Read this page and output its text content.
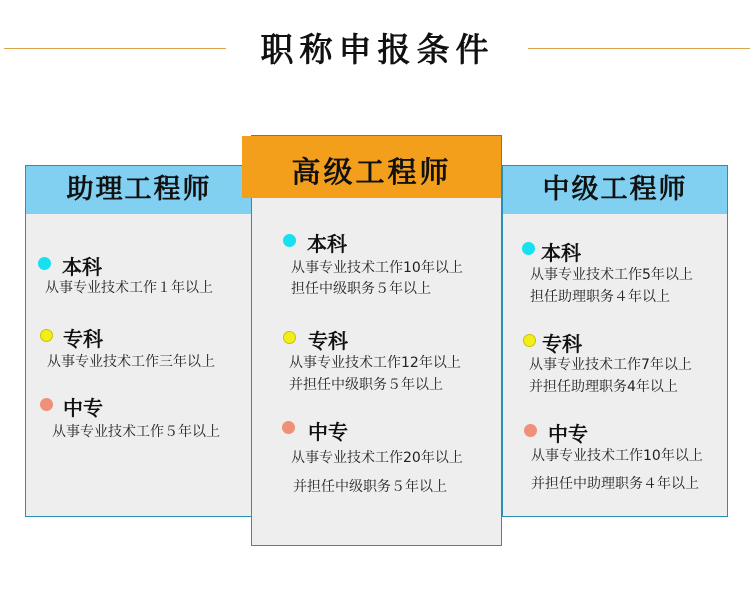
职称申报条件
助理工程师
本科
从事专业技术工作１年以上
专科
从事专业技术工作三年以上
中专
从事专业技术工作５年以上
中级工程师
本科
从事专业技术工作5年以上
担任助理职务４年以上
专科
从事专业技术工作7年以上
并担任助理职务4年以上
中专
从事专业技术工作10年以上
并担任中助理职务４年以上
高级工程师
本科
从事专业技术工作10年以上
担任中级职务５年以上
专科
从事专业技术工作12年以上
并担任中级职务５年以上
中专
从事专业技术工作20年以上
并担任中级职务５年以上
